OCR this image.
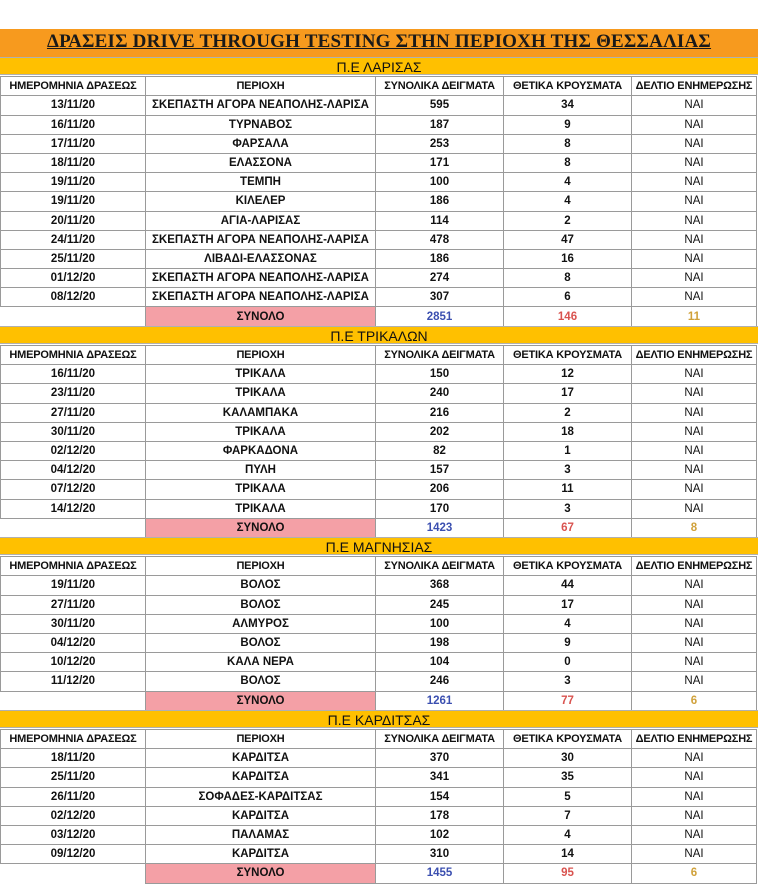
ΔΡΑΣΕΙΣ DRIVE THROUGH TESTING ΣΤΗΝ ΠΕΡΙΟΧΗ ΤΗΣ ΘΕΣΣΑΛΙΑΣ
Π.Ε ΛΑΡΙΣΑΣ
ΗΜΕΡΟΜΗΝΙΑ ΔΡΑΣΕΩΣ	ΠΕΡΙΟΧΗ	ΣΥΝΟΛΙΚΑ ΔΕΙΓΜΑΤΑ	ΘΕΤΙΚΑ ΚΡΟΥΣΜΑΤΑ	ΔΕΛΤΙΟ ΕΝΗΜΕΡΩΣΗΣ
13/11/20	ΣΚΕΠΑΣΤΗ ΑΓΟΡΑ ΝΕΑΠΟΛΗΣ-ΛΑΡΙΣΑ	595	34	ΝΑΙ
16/11/20	ΤΥΡΝΑΒΟΣ	187	9	ΝΑΙ
17/11/20	ΦΑΡΣΑΛΑ	253	8	ΝΑΙ
18/11/20	ΕΛΑΣΣΟΝΑ	171	8	ΝΑΙ
19/11/20	ΤΕΜΠΗ	100	4	ΝΑΙ
19/11/20	ΚΙΛΕΛΕΡ	186	4	ΝΑΙ
20/11/20	ΑΓΙΑ-ΛΑΡΙΣΑΣ	114	2	ΝΑΙ
24/11/20	ΣΚΕΠΑΣΤΗ ΑΓΟΡΑ ΝΕΑΠΟΛΗΣ-ΛΑΡΙΣΑ	478	47	ΝΑΙ
25/11/20	ΛΙΒΑΔΙ-ΕΛΑΣΣΟΝΑΣ	186	16	ΝΑΙ
01/12/20	ΣΚΕΠΑΣΤΗ ΑΓΟΡΑ ΝΕΑΠΟΛΗΣ-ΛΑΡΙΣΑ	274	8	ΝΑΙ
08/12/20	ΣΚΕΠΑΣΤΗ ΑΓΟΡΑ ΝΕΑΠΟΛΗΣ-ΛΑΡΙΣΑ	307	6	ΝΑΙ
	ΣΥΝΟΛΟ	2851	146	11
Π.Ε ΤΡΙΚΑΛΩΝ
ΗΜΕΡΟΜΗΝΙΑ ΔΡΑΣΕΩΣ	ΠΕΡΙΟΧΗ	ΣΥΝΟΛΙΚΑ ΔΕΙΓΜΑΤΑ	ΘΕΤΙΚΑ ΚΡΟΥΣΜΑΤΑ	ΔΕΛΤΙΟ ΕΝΗΜΕΡΩΣΗΣ
16/11/20	ΤΡΙΚΑΛΑ	150	12	ΝΑΙ
23/11/20	ΤΡΙΚΑΛΑ	240	17	ΝΑΙ
27/11/20	ΚΑΛΑΜΠΑΚΑ	216	2	ΝΑΙ
30/11/20	ΤΡΙΚΑΛΑ	202	18	ΝΑΙ
02/12/20	ΦΑΡΚΑΔΟΝΑ	82	1	ΝΑΙ
04/12/20	ΠΥΛΗ	157	3	ΝΑΙ
07/12/20	ΤΡΙΚΑΛΑ	206	11	ΝΑΙ
14/12/20	ΤΡΙΚΑΛΑ	170	3	ΝΑΙ
	ΣΥΝΟΛΟ	1423	67	8
Π.Ε ΜΑΓΝΗΣΙΑΣ
ΗΜΕΡΟΜΗΝΙΑ ΔΡΑΣΕΩΣ	ΠΕΡΙΟΧΗ	ΣΥΝΟΛΙΚΑ ΔΕΙΓΜΑΤΑ	ΘΕΤΙΚΑ ΚΡΟΥΣΜΑΤΑ	ΔΕΛΤΙΟ ΕΝΗΜΕΡΩΣΗΣ
19/11/20	ΒΟΛΟΣ	368	44	ΝΑΙ
27/11/20	ΒΟΛΟΣ	245	17	ΝΑΙ
30/11/20	ΑΛΜΥΡΟΣ	100	4	ΝΑΙ
04/12/20	ΒΟΛΟΣ	198	9	ΝΑΙ
10/12/20	ΚΑΛΑ ΝΕΡΑ	104	0	ΝΑΙ
11/12/20	ΒΟΛΟΣ	246	3	ΝΑΙ
	ΣΥΝΟΛΟ	1261	77	6
Π.Ε ΚΑΡΔΙΤΣΑΣ
ΗΜΕΡΟΜΗΝΙΑ ΔΡΑΣΕΩΣ	ΠΕΡΙΟΧΗ	ΣΥΝΟΛΙΚΑ ΔΕΙΓΜΑΤΑ	ΘΕΤΙΚΑ ΚΡΟΥΣΜΑΤΑ	ΔΕΛΤΙΟ ΕΝΗΜΕΡΩΣΗΣ
18/11/20	ΚΑΡΔΙΤΣΑ	370	30	ΝΑΙ
25/11/20	ΚΑΡΔΙΤΣΑ	341	35	ΝΑΙ
26/11/20	ΣΟΦΑΔΕΣ-ΚΑΡΔΙΤΣΑΣ	154	5	ΝΑΙ
02/12/20	ΚΑΡΔΙΤΣΑ	178	7	ΝΑΙ
03/12/20	ΠΑΛΑΜΑΣ	102	4	ΝΑΙ
09/12/20	ΚΑΡΔΙΤΣΑ	310	14	ΝΑΙ
	ΣΥΝΟΛΟ	1455	95	6
